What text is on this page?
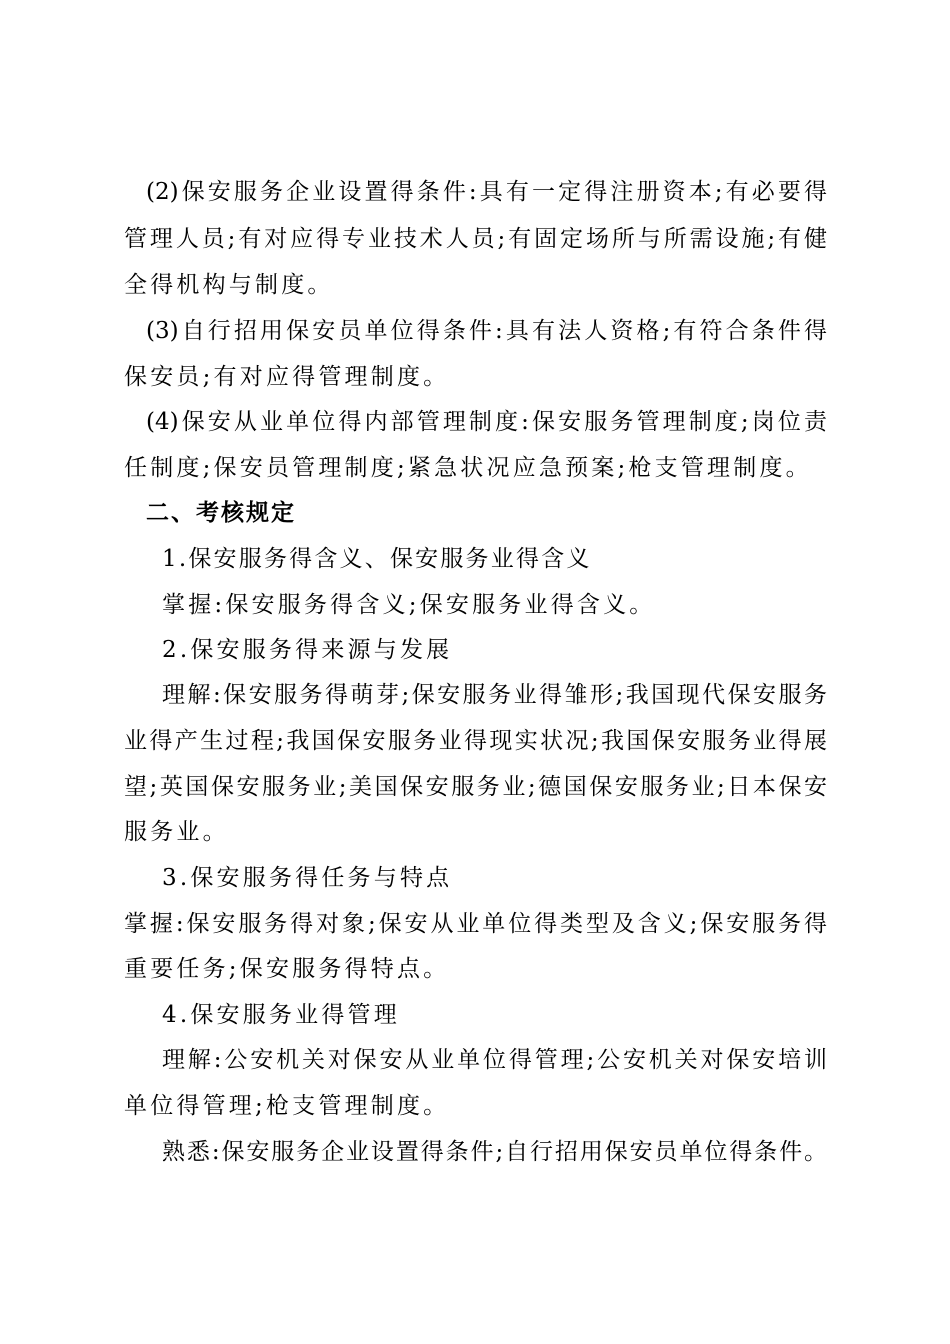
(2)保安服务企业设置得条件:具有一定得注册资本;有必要得
管理人员;有对应得专业技术人员;有固定场所与所需设施;有健
全得机构与制度。
(3)自行招用保安员单位得条件:具有法人资格;有符合条件得
保安员;有对应得管理制度。
(4)保安从业单位得内部管理制度:保安服务管理制度;岗位责
任制度;保安员管理制度;紧急状况应急预案;枪支管理制度。
二、考核规定
1.保安服务得含义、保安服务业得含义
掌握:保安服务得含义;保安服务业得含义。
2.保安服务得来源与发展
理解:保安服务得萌芽;保安服务业得雏形;我国现代保安服务
业得产生过程;我国保安服务业得现实状况;我国保安服务业得展
望;英国保安服务业;美国保安服务业;德国保安服务业;日本保安
服务业。
3.保安服务得任务与特点
掌握:保安服务得对象;保安从业单位得类型及含义;保安服务得
重要任务;保安服务得特点。
4.保安服务业得管理
理解:公安机关对保安从业单位得管理;公安机关对保安培训
单位得管理;枪支管理制度。
熟悉:保安服务企业设置得条件;自行招用保安员单位得条件。
